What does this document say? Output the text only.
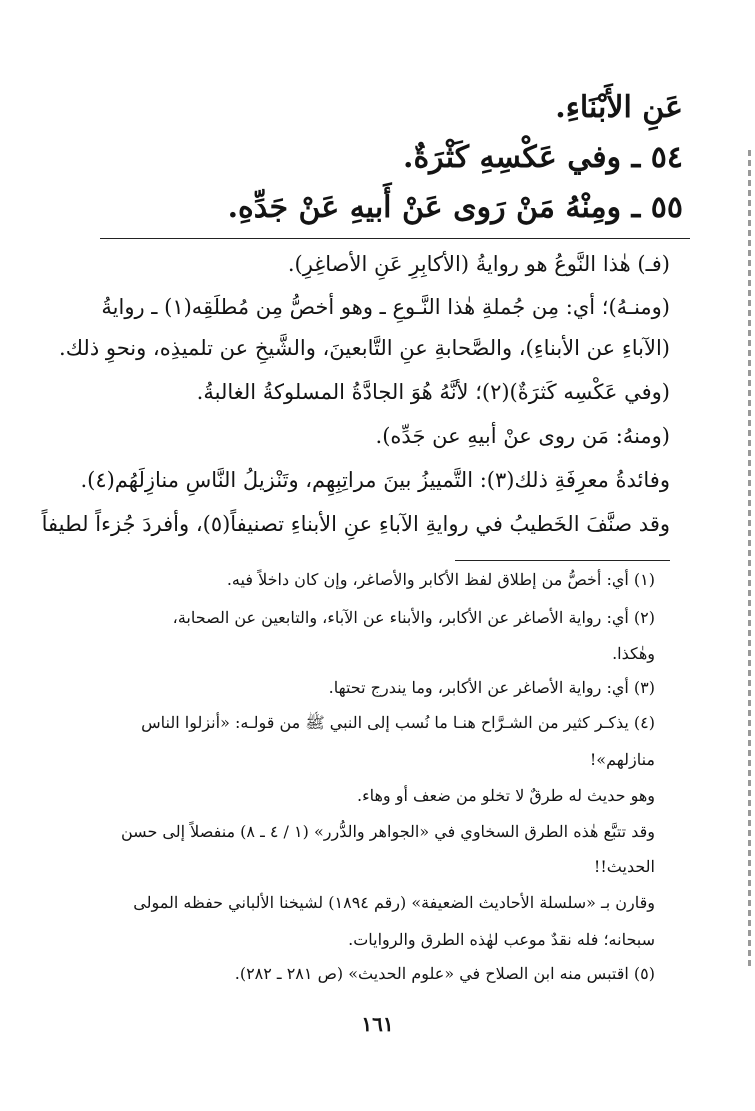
عَنِ الأَبْنَاءِ.
٥٤ ـ وفي عَكْسِهِ كَثْرَةٌ.
٥٥ ـ ومِنْهُ مَنْ رَوى عَنْ أَبيهِ عَنْ جَدِّهِ.
(فـ) هٰذا النَّوعُ هو روايةُ (الأكابِرِ عَنِ الأصاغِرِ).
(ومنـهُ)؛ أي: مِن جُملةِ هٰذا النَّـوعِ ـ وهو أخصُّ مِن مُطلَقِه(١) ـ روايةُ
(الآباءِ عن الأبناءِ)، والصَّحابةِ عنِ التَّابعينَ، والشَّيخِ عن تلميذِه، ونحوِ ذلك.
(وفي عَكْسِه كَثرَةٌ)(٢)؛ لأنَّهُ هُوَ الجادَّةُ المسلوكةُ الغالبةُ.
(ومنهُ: مَن روى عنْ أبيهِ عن جَدِّه).
وفائدةُ معرِفَةِ ذلك(٣): التَّمييزُ بينَ مراتِبِهِم، وتَنْزيلُ النَّاسِ منازِلَهُم(٤).
وقد صنَّفَ الخَطيبُ في روايةِ الآباءِ عنِ الأبناءِ تصنيفاً(٥)، وأفردَ جُزءاً لطيفاً
(١) أي: أخصُّ من إطلاق لفظ الأكابر والأصاغر، وإن كان داخلاً فيه.
(٢) أي: رواية الأصاغر عن الأكابر، والأبناء عن الآباء، والتابعين عن الصحابة،
وهٰكذا.
(٣) أي: رواية الأصاغر عن الأكابر، وما يندرج تحتها.
(٤) يذكـر كثير من الشـرَّاح هنـا ما نُسب إلى النبي ﷺ من قولـه: «أنزلوا الناس
منازلهم»!
وهو حديث له طرقٌ لا تخلو من ضعف أو وهاء.
وقد تتبَّع هٰذه الطرق السخاوي في «الجواهر والدُّرر» (١ / ٤ ـ ٨) منفصلاً إلى حسن
الحديث!!
وقارن بـ «سلسلة الأحاديث الضعيفة» (رقم ١٨٩٤) لشيخنا الألباني حفظه المولى
سبحانه؛ فله نقدٌ موعب لهٰذه الطرق والروايات.
(٥) اقتبس منه ابن الصلاح في «علوم الحديث» (ص ٢٨١ ـ ٢٨٢).
١٦١
